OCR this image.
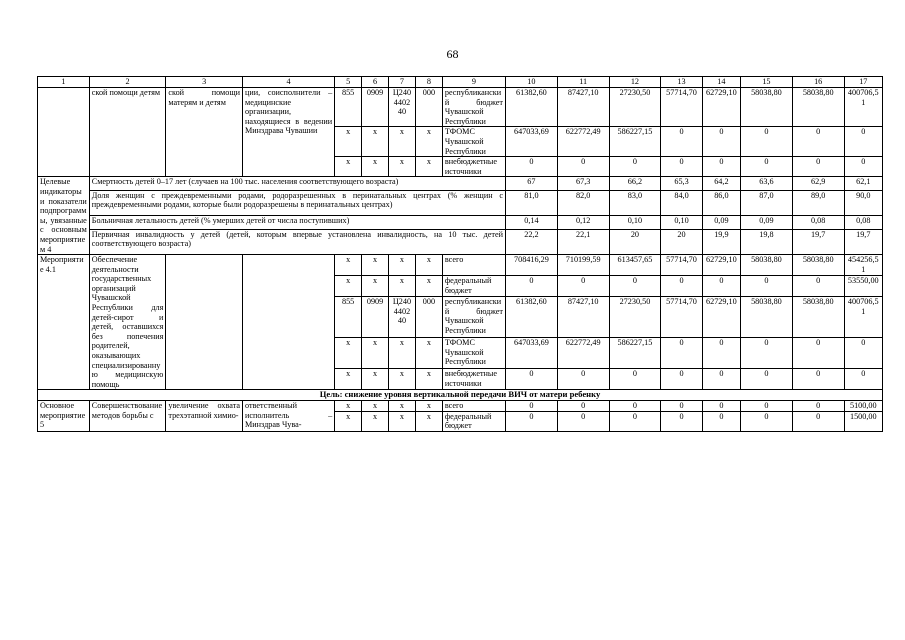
68
1	2	3	4	5	6	7	8	9	10	11	12	13	14	15	16	17
	ской помощи детям	ской помощи матерям и детям	ции, соисполнители – медицинские организации, находящиеся в ведении Минздрава Чувашии	855	0909	Ц240 4402 40	000	республиканский бюджет Чувашской Республики	61382,60	87427,10	27230,50	57714,70	62729,10	58038,80	58038,80	400706,51
				x	x	x	x	ТФОМС Чувашской Республики	647033,69	622772,49	586227,15	0	0	0	0	0
				x	x	x	x	внебюджетные источники	0	0	0	0	0	0	0	0
Целевые индикаторы и показатели подпрограммы, увязанные с основным мероприятием 4	Смертность детей 0–17 лет (случаев на 100 тыс. населения соответствующего возраста)								67	67,3	66,2	65,3	64,2	63,6	62,9	62,1
	Доля женщин с преждевременными родами, родоразрешенных в перинатальных центрах (% женщин с преждевременными родами, которые были родоразрешены в перинатальных центрах)								81,0	82,0	83,0	84,0	86,0	87,0	89,0	90,0
	Больничная летальность детей (% умерших детей от числа поступивших)								0,14	0,12	0,10	0,10	0,09	0,09	0,08	0,08
	Первичная инвалидность у детей (детей, которым впервые установлена инвалидность, на 10 тыс. детей соответствующего возраста)								22,2	22,1	20	20	19,9	19,8	19,7	19,7
Мероприятие 4.1	Обеспечение деятельности государственных организаций Чувашской Республики для детей-сирот и детей, оставшихся без попечения родителей, оказывающих специализированную медицинскую помощь			x	x	x	x	всего	708416,29	710199,59	613457,65	57714,70	62729,10	58038,80	58038,80	454256,51
				x	x	x	x	федеральный бюджет	0	0	0	0	0	0	0	53550,00
				855	0909	Ц240 4402 40	000	республиканский бюджет Чувашской Республики	61382,60	87427,10	27230,50	57714,70	62729,10	58038,80	58038,80	400706,51
				x	x	x	x	ТФОМС Чувашской Республики	647033,69	622772,49	586227,15	0	0	0	0	0
				x	x	x	x	внебюджетные источники	0	0	0	0	0	0	0	0
Цель: снижение уровня вертикальной передачи ВИЧ от матери ребенку																
Основное мероприятие 5	Совершенствование методов борьбы с	увеличение охвата трехэтапной химио-	ответственный исполнитель – Минздрав Чува-	x	x	x	x	всего	0	0	0	0	0	0	0	5100,00
				x	x	x	x	федеральный бюджет	0	0	0	0	0	0	0	1500,00
